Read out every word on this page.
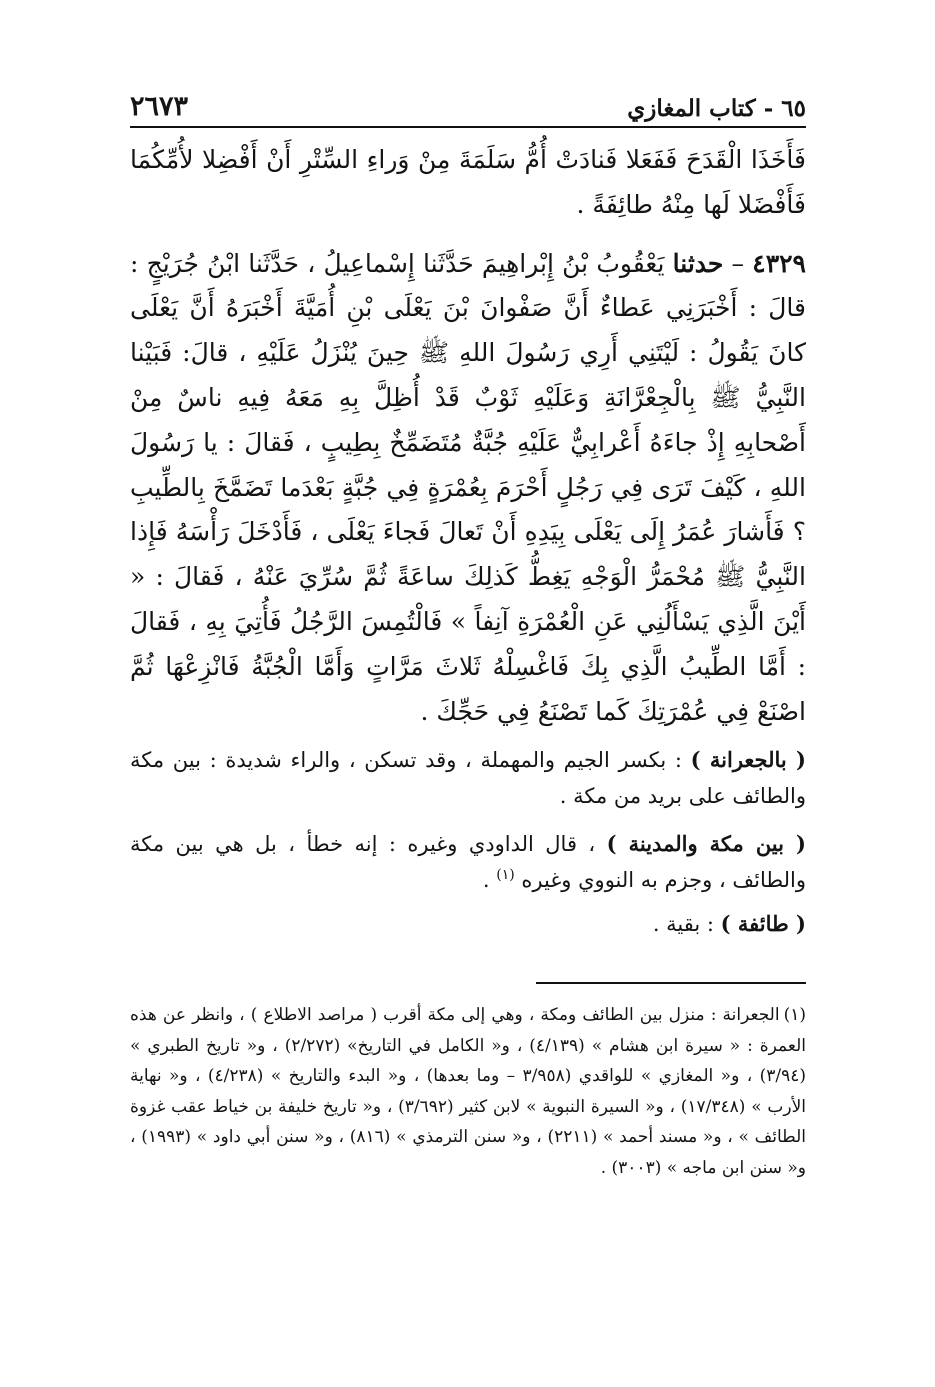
٦٥ - كتاب المغازي
٢٦٧٣

فَأَخَذَا الْقَدَحَ فَفَعَلا فَنادَتْ أُمُّ سَلَمَةَ مِنْ وَراءِ السِّتْرِ أَنْ أَفْضِلا لأُمِّكُمَا فَأَفْضَلا لَها مِنْهُ طائِفَةً .

٤٣٢٩ – حدثنا يَعْقُوبُ بْنُ إِبْراهِيمَ حَدَّثَنا إِسْماعِيلُ ، حَدَّثَنا ابْنُ جُرَيْجٍ : قالَ : أَخْبَرَنِي عَطاءٌ أَنَّ صَفْوانَ بْنَ يَعْلَى بْنِ أُمَيَّةَ أَخْبَرَهُ أَنَّ يَعْلَى كانَ يَقُولُ : لَيْتَنِي أَرِي رَسُولَ اللهِ ﷺ حِينَ يُنْزَلُ عَلَيْهِ ، قالَ: فَبَيْنا النَّبِيُّ ﷺ بِالْجِعْرَّانَةِ وَعَلَيْهِ ثَوْبٌ قَدْ أُظِلَّ بِهِ مَعَهُ فِيهِ ناسٌ مِنْ أَصْحابِهِ إِذْ جاءَهُ أَعْرابِيٌّ عَلَيْهِ جُبَّةٌ مُتَضَمِّخٌ بِطِيبٍ ، فَقالَ : يا رَسُولَ اللهِ ، كَيْفَ تَرَى فِي رَجُلٍ أَحْرَمَ بِعُمْرَةٍ فِي جُبَّةٍ بَعْدَما تَضَمَّخَ بِالطِّيبِ ؟ فَأَشارَ عُمَرُ إِلَى يَعْلَى بِيَدِهِ أَنْ تَعالَ فَجاءَ يَعْلَى ، فَأَدْخَلَ رَأْسَهُ فَإِذا النَّبِيُّ ﷺ مُحْمَرُّ الْوَجْهِ يَغِطُّ كَذلِكَ ساعَةً ثُمَّ سُرِّيَ عَنْهُ ، فَقالَ : « أَيْنَ الَّذِي يَسْأَلُنِي عَنِ الْعُمْرَةِ آنِفاً » فَالْتُمِسَ الرَّجُلُ فَأُتِيَ بِهِ ، فَقالَ : أَمَّا الطِّيبُ الَّذِي بِكَ فَاغْسِلْهُ ثَلاثَ مَرَّاتٍ وَأَمَّا الْجُبَّةُ فَانْزِعْهَا ثُمَّ اصْنَعْ فِي عُمْرَتِكَ كَما تَصْنَعُ فِي حَجِّكَ .

( بالجعرانة ) : بكسر الجيم والمهملة ، وقد تسكن ، والراء شديدة : بين مكة والطائف على بريد من مكة .

( بين مكة والمدينة ) ، قال الداودي وغيره : إنه خطأ ، بل هي بين مكة والطائف ، وجزم به النووي وغيره $^{(١)}$ .

( طائفة ) : بقية .

(١)الجعرانة : منزل بين الطائف ومكة ، وهي إلى مكة أقرب ( مراصد الاطلاع ) ، وانظر عن هذه العمرة : « سيرة ابن هشام » (٤/١٣٩) ، و« الكامل في التاريخ» (٢/٢٧٢) ، و« تاريخ الطبري » (٣/٩٤) ، و« المغازي » للواقدي (٣/٩٥٨ – وما بعدها) ، و« البدء والتاريخ » (٤/٢٣٨) ، و« نهاية الأرب » (١٧/٣٤٨) ، و« السيرة النبوية » لابن كثير (٣/٦٩٢) ، و« تاريخ خليفة بن خياط عقب غزوة الطائف » ، و« مسند أحمد » (٢٢١١) ، و« سنن الترمذي » (٨١٦) ، و« سنن أبي داود » (١٩٩٣) ، و« سنن ابن ماجه » (٣٠٠٣) .
